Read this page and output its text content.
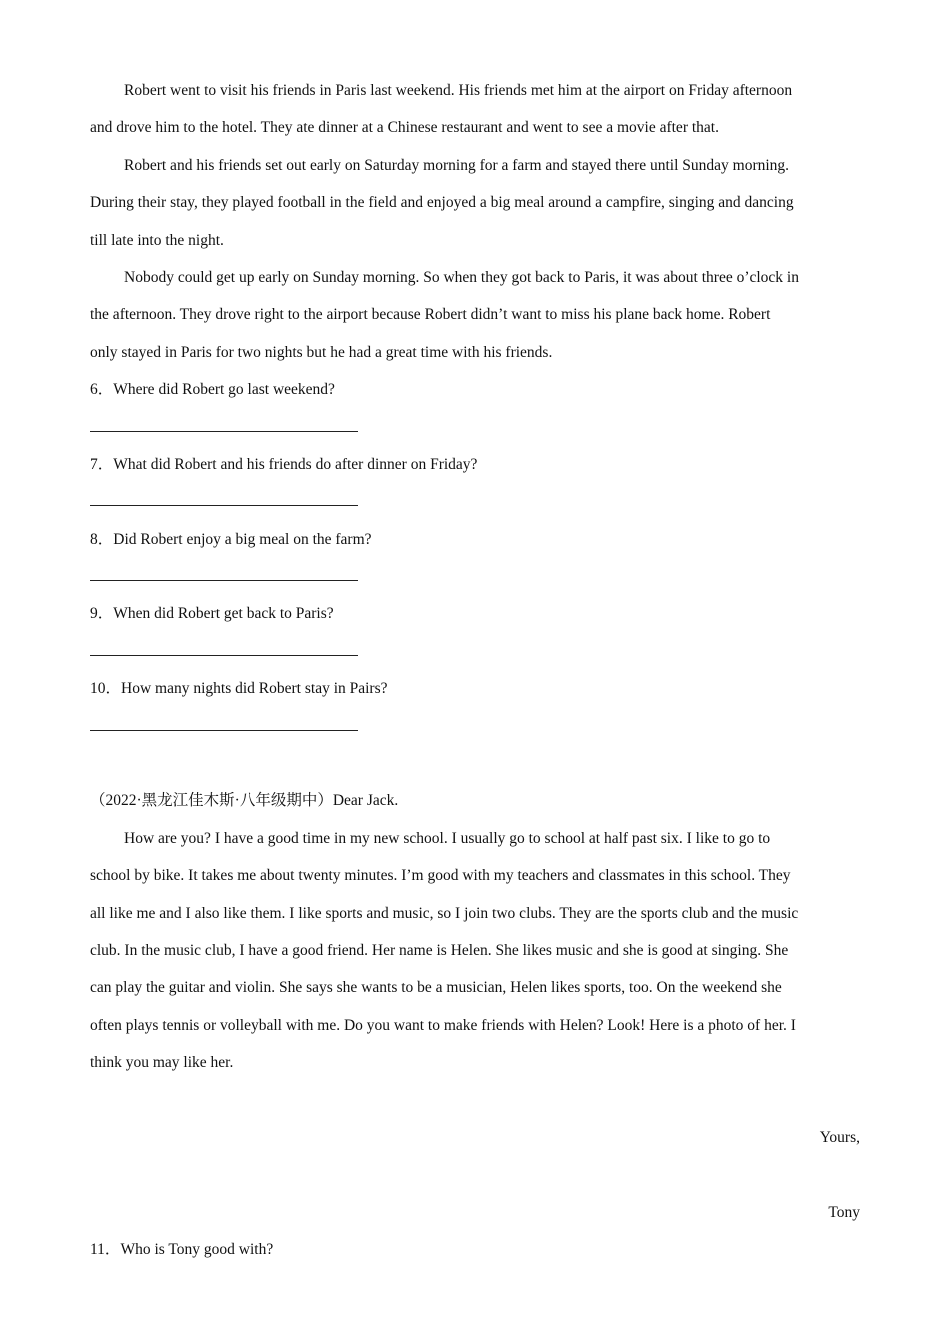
Robert went to visit his friends in Paris last weekend. His friends met him at the airport on Friday afternoon
and drove him to the hotel. They ate dinner at a Chinese restaurant and went to see a movie after that.
Robert and his friends set out early on Saturday morning for a farm and stayed there until Sunday morning.
During their stay, they played football in the field and enjoyed a big meal around a campfire, singing and dancing
till late into the night.
Nobody could get up early on Sunday morning. So when they got back to Paris, it was about three o’clock in
the afternoon. They drove right to the airport because Robert didn’t want to miss his plane back home. Robert
only stayed in Paris for two nights but he had a great time with his friends.
6．Where did Robert go last weekend?
7．What did Robert and his friends do after dinner on Friday?
8．Did Robert enjoy a big meal on the farm?
9．When did Robert get back to Paris?
10．How many nights did Robert stay in Pairs?
（2022·黑龙江佳木斯·八年级期中）Dear Jack.
How are you? I have a good time in my new school. I usually go to school at half past six. I like to go to
school by bike. It takes me about twenty minutes. I’m good with my teachers and classmates in this school. They
all like me and I also like them. I like sports and music, so I join two clubs. They are the sports club and the music
club. In the music club, I have a good friend. Her name is Helen. She likes music and she is good at singing. She
can play the guitar and violin. She says she wants to be a musician, Helen likes sports, too. On the weekend she
often plays tennis or volleyball with me. Do you want to make friends with Helen? Look! Here is a photo of her. I
think you may like her.
Yours,
Tony
11．Who is Tony good with?
